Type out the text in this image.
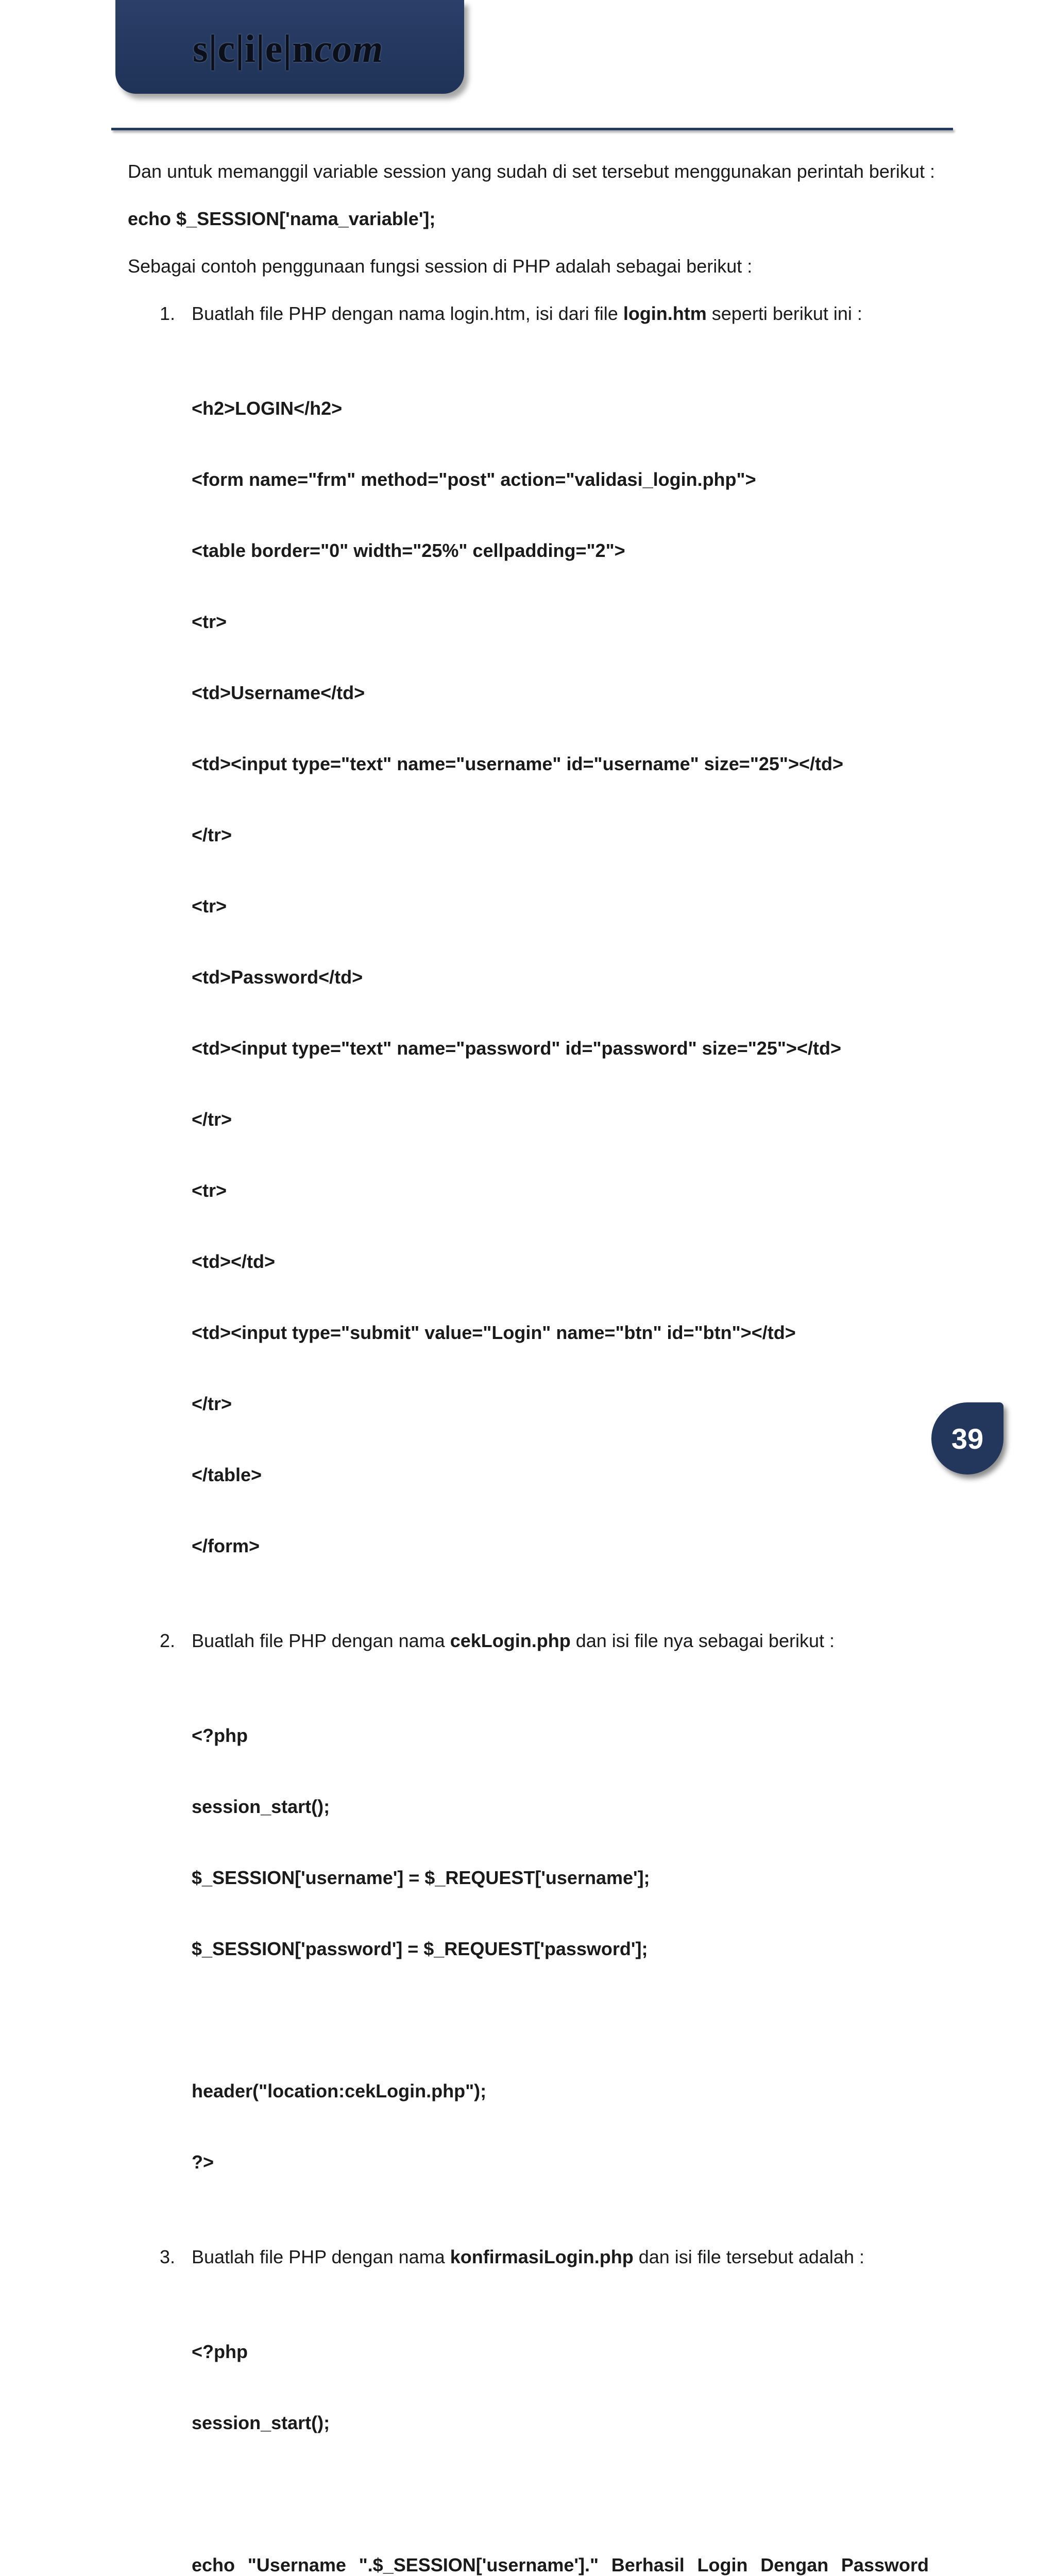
s|c|i|e|ncom

Dan untuk memanggil variable session yang sudah di set tersebut menggunakan perintah berikut :

echo $_SESSION['nama_variable'];

Sebagai contoh penggunaan fungsi session di PHP adalah sebagai berikut :

1. Buatlah file PHP dengan nama login.htm, isi dari file login.htm seperti berikut ini :

<h2>LOGIN</h2>

<form name="frm" method="post" action="validasi_login.php">

<table border="0" width="25%" cellpadding="2">

<tr>

<td>Username</td>

<td><input type="text" name="username" id="username" size="25"></td>

</tr>

<tr>

<td>Password</td>

<td><input type="text" name="password" id="password" size="25"></td>

</tr>

<tr>

<td></td>

<td><input type="submit" value="Login" name="btn" id="btn"></td>

</tr>

</table>

</form>

2. Buatlah file PHP dengan nama cekLogin.php dan isi file nya sebagai berikut :

<?php

session_start();

$_SESSION['username'] = $_REQUEST['username'];

$_SESSION['password'] = $_REQUEST['password'];

header("location:cekLogin.php");

?>

3. Buatlah file PHP dengan nama konfirmasiLogin.php dan isi file tersebut adalah :

<?php

session_start();

echo "Username ".$_SESSION['username']." Berhasil Login Dengan Password

39
